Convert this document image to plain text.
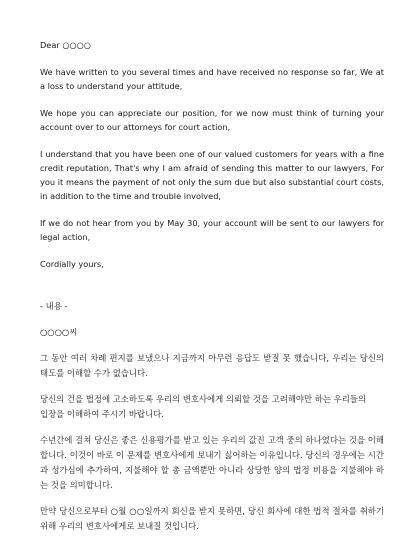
Dear ○○○○

We have written to you several times and have received no response so far, We at a loss to understand your attitude,

We hope you can appreciate our position, for we now must think of turning your account over to our attorneys for court action,

I understand that you have been one of our valued customers for years with a fine credit reputation, That's why I am afraid of sending this matter to our lawyers, For you it means the payment of not only the sum due but also substantial court costs, in addition to the time and trouble involved,

If we do not hear from you by May 30, your account will be sent to our lawyers for legal action,

Cordially yours,

- 내용 -

○○○○씨

그 동안 여러 차례 편지를 보냈으나 지금까지 아무런 응답도 받질 못 했습니다, 우리는 당신의 태도를 이해할 수가 없습니다.

당신의 건을 법정에 고소하도록 우리의 변호사에게 의뢰할 것을 고려해야만 하는 우리들의
입장을 이해하여 주시기 바랍니다.

수년간에 걸쳐 당신은 좋은 신용평가를 받고 있는 우리의 값진 고객 중의 하나였다는 것을 이해합니다. 이것이 바로 이 문제를 변호사에게 보내기 싫어하는 이유입니다. 당신의 경우에는 시간과 성가심에 추가하여, 지불해야 할 총 금액뿐만 아니라 상당한 양의 법정 비용을 지불해야 하는 것을 의미합니다.

만약 당신으로부터 ○월 ○○일까지 회신을 받지 못하면, 당신 회사에 대한 법적 절차를 취하기 위해 우리의 변호사에게로 보내질 것입니다.
